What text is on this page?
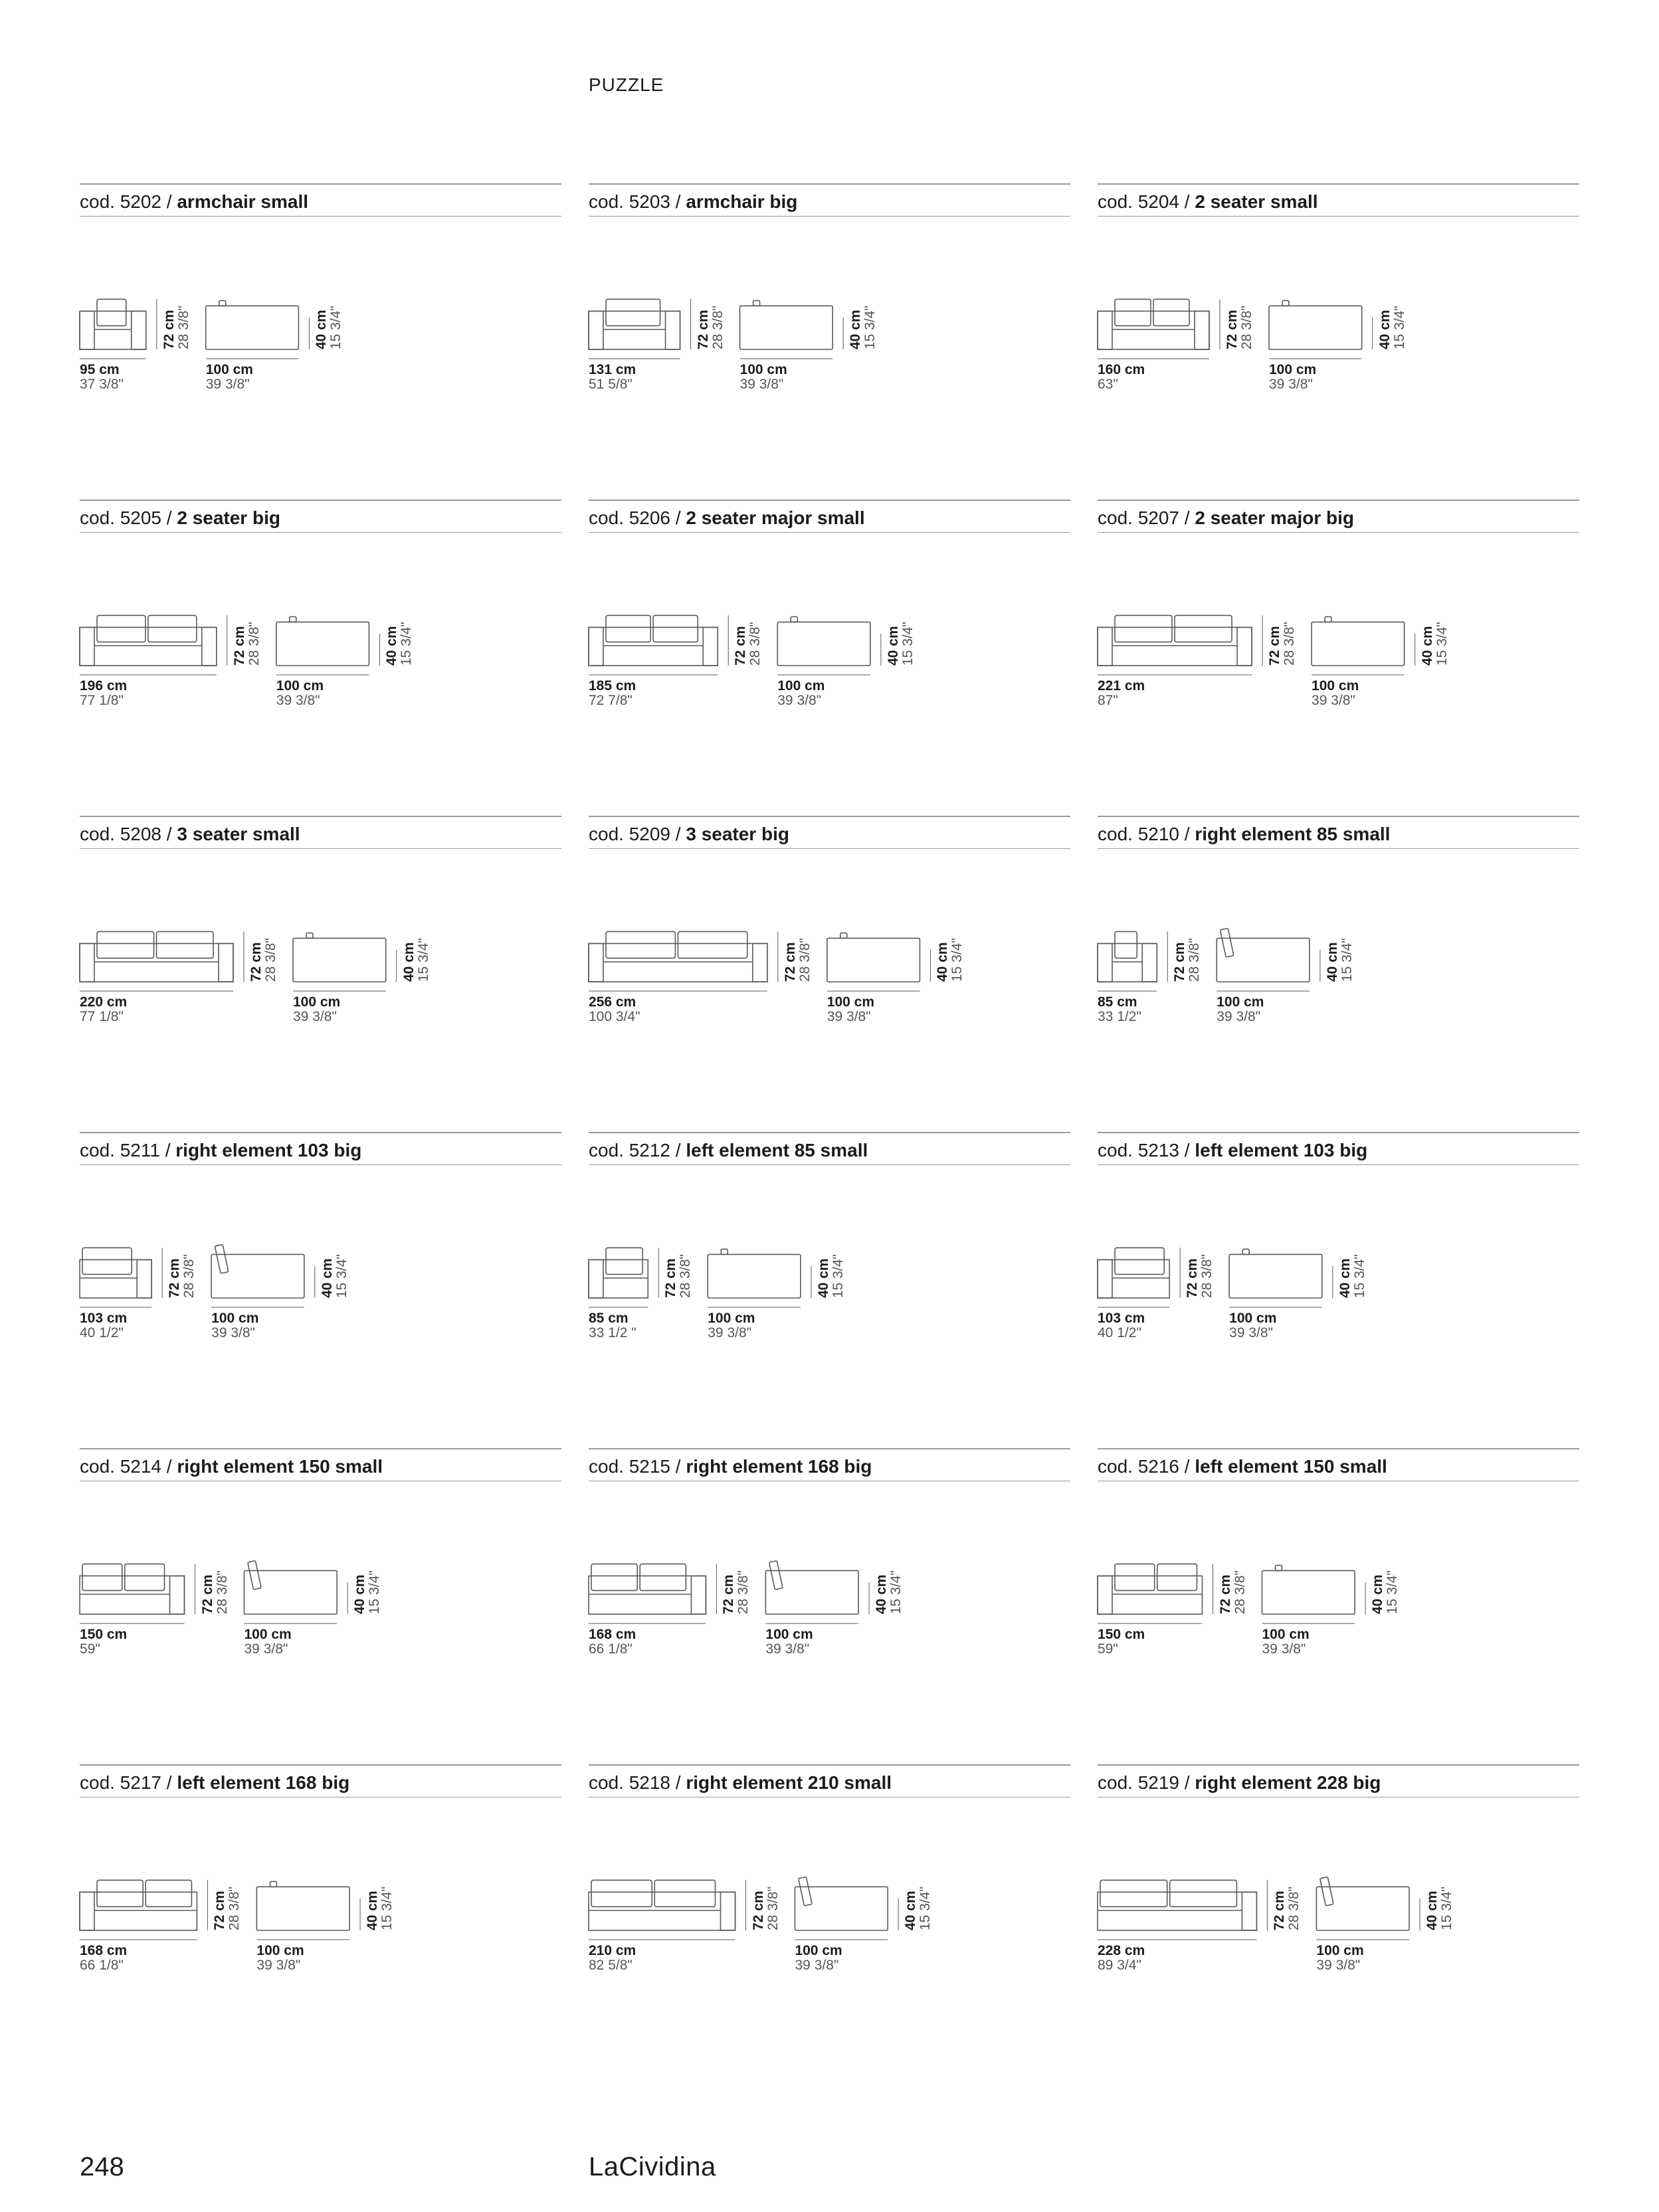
PUZZLE
cod. 5202 / armchair small
95 cm
37 3/8"
100 cm
39 3/8"
72 cm 28 3/8"	40 cm 15 3/4"
cod. 5203 / armchair big
131 cm
51 5/8"
100 cm
39 3/8"
72 cm 28 3/8"	40 cm 15 3/4"
cod. 5204 / 2 seater small
160 cm
63"
100 cm
39 3/8"
72 cm 28 3/8"	40 cm 15 3/4"
cod. 5205 / 2 seater big
196 cm
77 1/8"
100 cm
39 3/8"
72 cm 28 3/8"	40 cm 15 3/4"
cod. 5206 / 2 seater major small
185 cm
72 7/8"
100 cm
39 3/8"
72 cm 28 3/8"	40 cm 15 3/4"
cod. 5207 / 2 seater major big
221 cm
87"
100 cm
39 3/8"
72 cm 28 3/8"	40 cm 15 3/4"
cod. 5208 / 3 seater small
220 cm
77 1/8"
100 cm
39 3/8"
72 cm 28 3/8"	40 cm 15 3/4"
cod. 5209 / 3 seater big
256 cm
100 3/4"
100 cm
39 3/8"
72 cm 28 3/8"	40 cm 15 3/4"
cod. 5210 / right element 85 small
85 cm
33 1/2"
100 cm
39 3/8"
72 cm 28 3/8"	40 cm 15 3/4"
cod. 5211 / right element 103 big
103 cm
40 1/2"
100 cm
39 3/8"
72 cm 28 3/8"	40 cm 15 3/4"
cod. 5212 / left element 85 small
85 cm
33 1/2 "
100 cm
39 3/8"
72 cm 28 3/8"	40 cm 15 3/4"
cod. 5213 / left element 103 big
103 cm
40 1/2"
100 cm
39 3/8"
72 cm 28 3/8"	40 cm 15 3/4"
cod. 5214 / right element 150 small
150 cm
59"
100 cm
39 3/8"
72 cm 28 3/8"	40 cm 15 3/4"
cod. 5215 / right element 168 big
168 cm
66 1/8"
100 cm
39 3/8"
72 cm 28 3/8"	40 cm 15 3/4"
cod. 5216 / left element 150 small
150 cm
59"
100 cm
39 3/8"
72 cm 28 3/8"	40 cm 15 3/4"
cod. 5217 / left element 168 big
168 cm
66 1/8"
100 cm
39 3/8"
72 cm 28 3/8"	40 cm 15 3/4"
cod. 5218 / right element 210 small
210 cm
82 5/8"
100 cm
39 3/8"
72 cm 28 3/8"	40 cm 15 3/4"
cod. 5219 / right element 228 big
228 cm
89 3/4"
100 cm
39 3/8"
72 cm 28 3/8"	40 cm 15 3/4"
248	LaCividina
